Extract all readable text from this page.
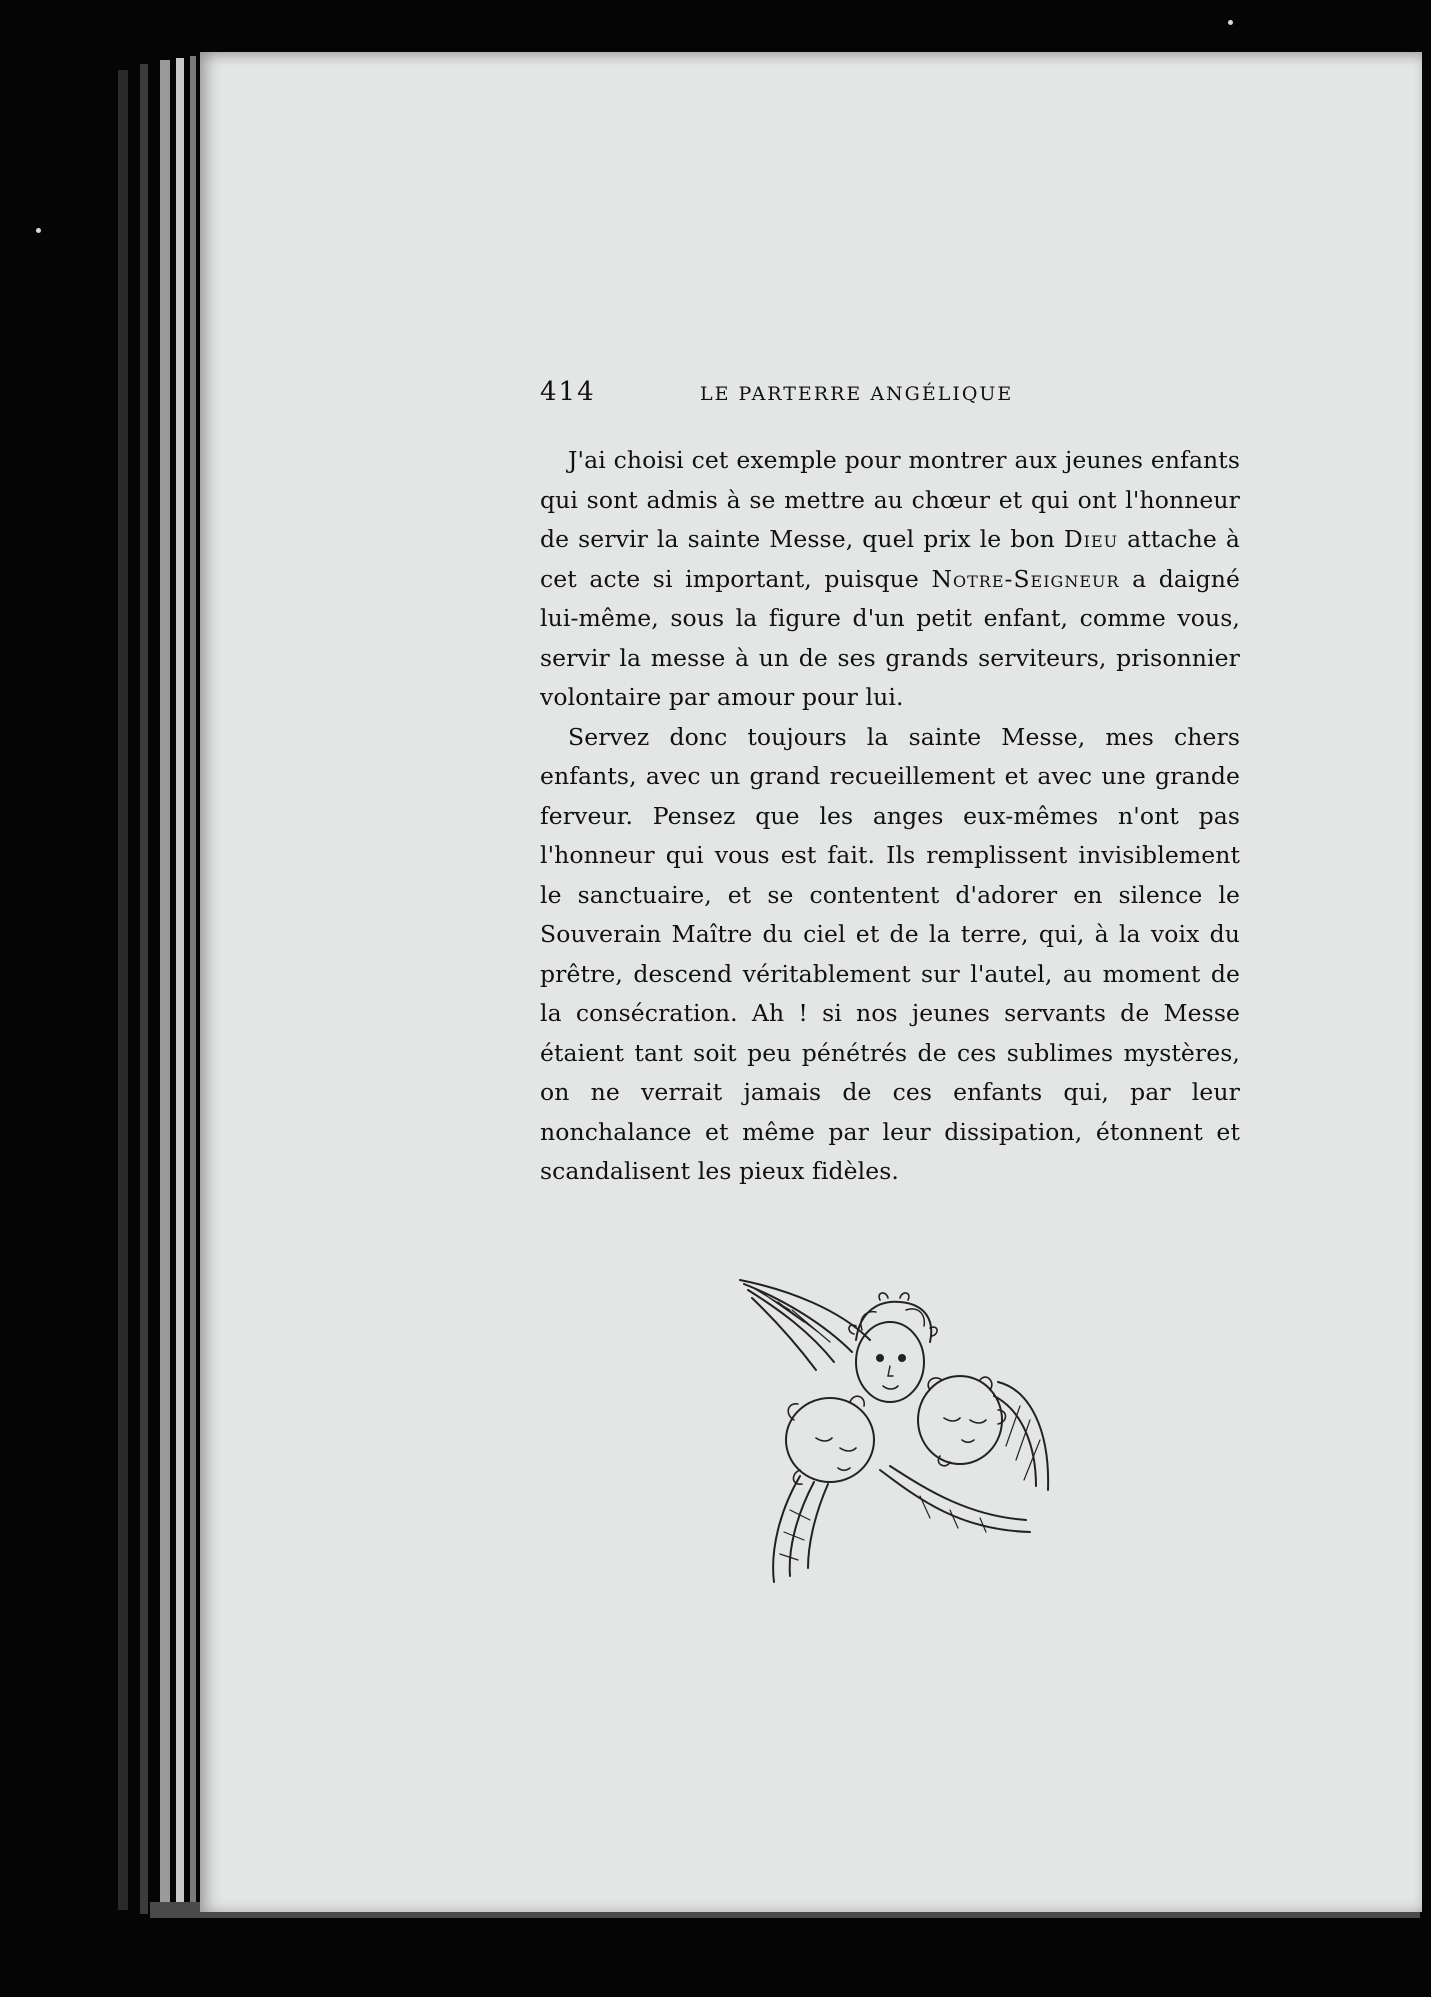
414	LE PARTERRE ANGÉLIQUE

J'ai choisi cet exemple pour montrer aux jeunes enfants qui sont admis à se mettre au chœur et qui ont l'honneur de servir la sainte Messe, quel prix le bon Dieu attache à cet acte si important, puisque Notre-Seigneur a daigné lui-même, sous la figure d'un petit enfant, comme vous, servir la messe à un de ses grands serviteurs, prisonnier volontaire par amour pour lui.

Servez donc toujours la sainte Messe, mes chers enfants, avec un grand recueillement et avec une grande ferveur. Pensez que les anges eux-mêmes n'ont pas l'honneur qui vous est fait. Ils remplissent invisiblement le sanctuaire, et se contentent d'adorer en silence le Souverain Maître du ciel et de la terre, qui, à la voix du prêtre, descend véritablement sur l'autel, au moment de la consécration. Ah ! si nos jeunes servants de Messe étaient tant soit peu pénétrés de ces sublimes mystères, on ne verrait jamais de ces enfants qui, par leur nonchalance et même par leur dissipation, étonnent et scandalisent les pieux fidèles.
